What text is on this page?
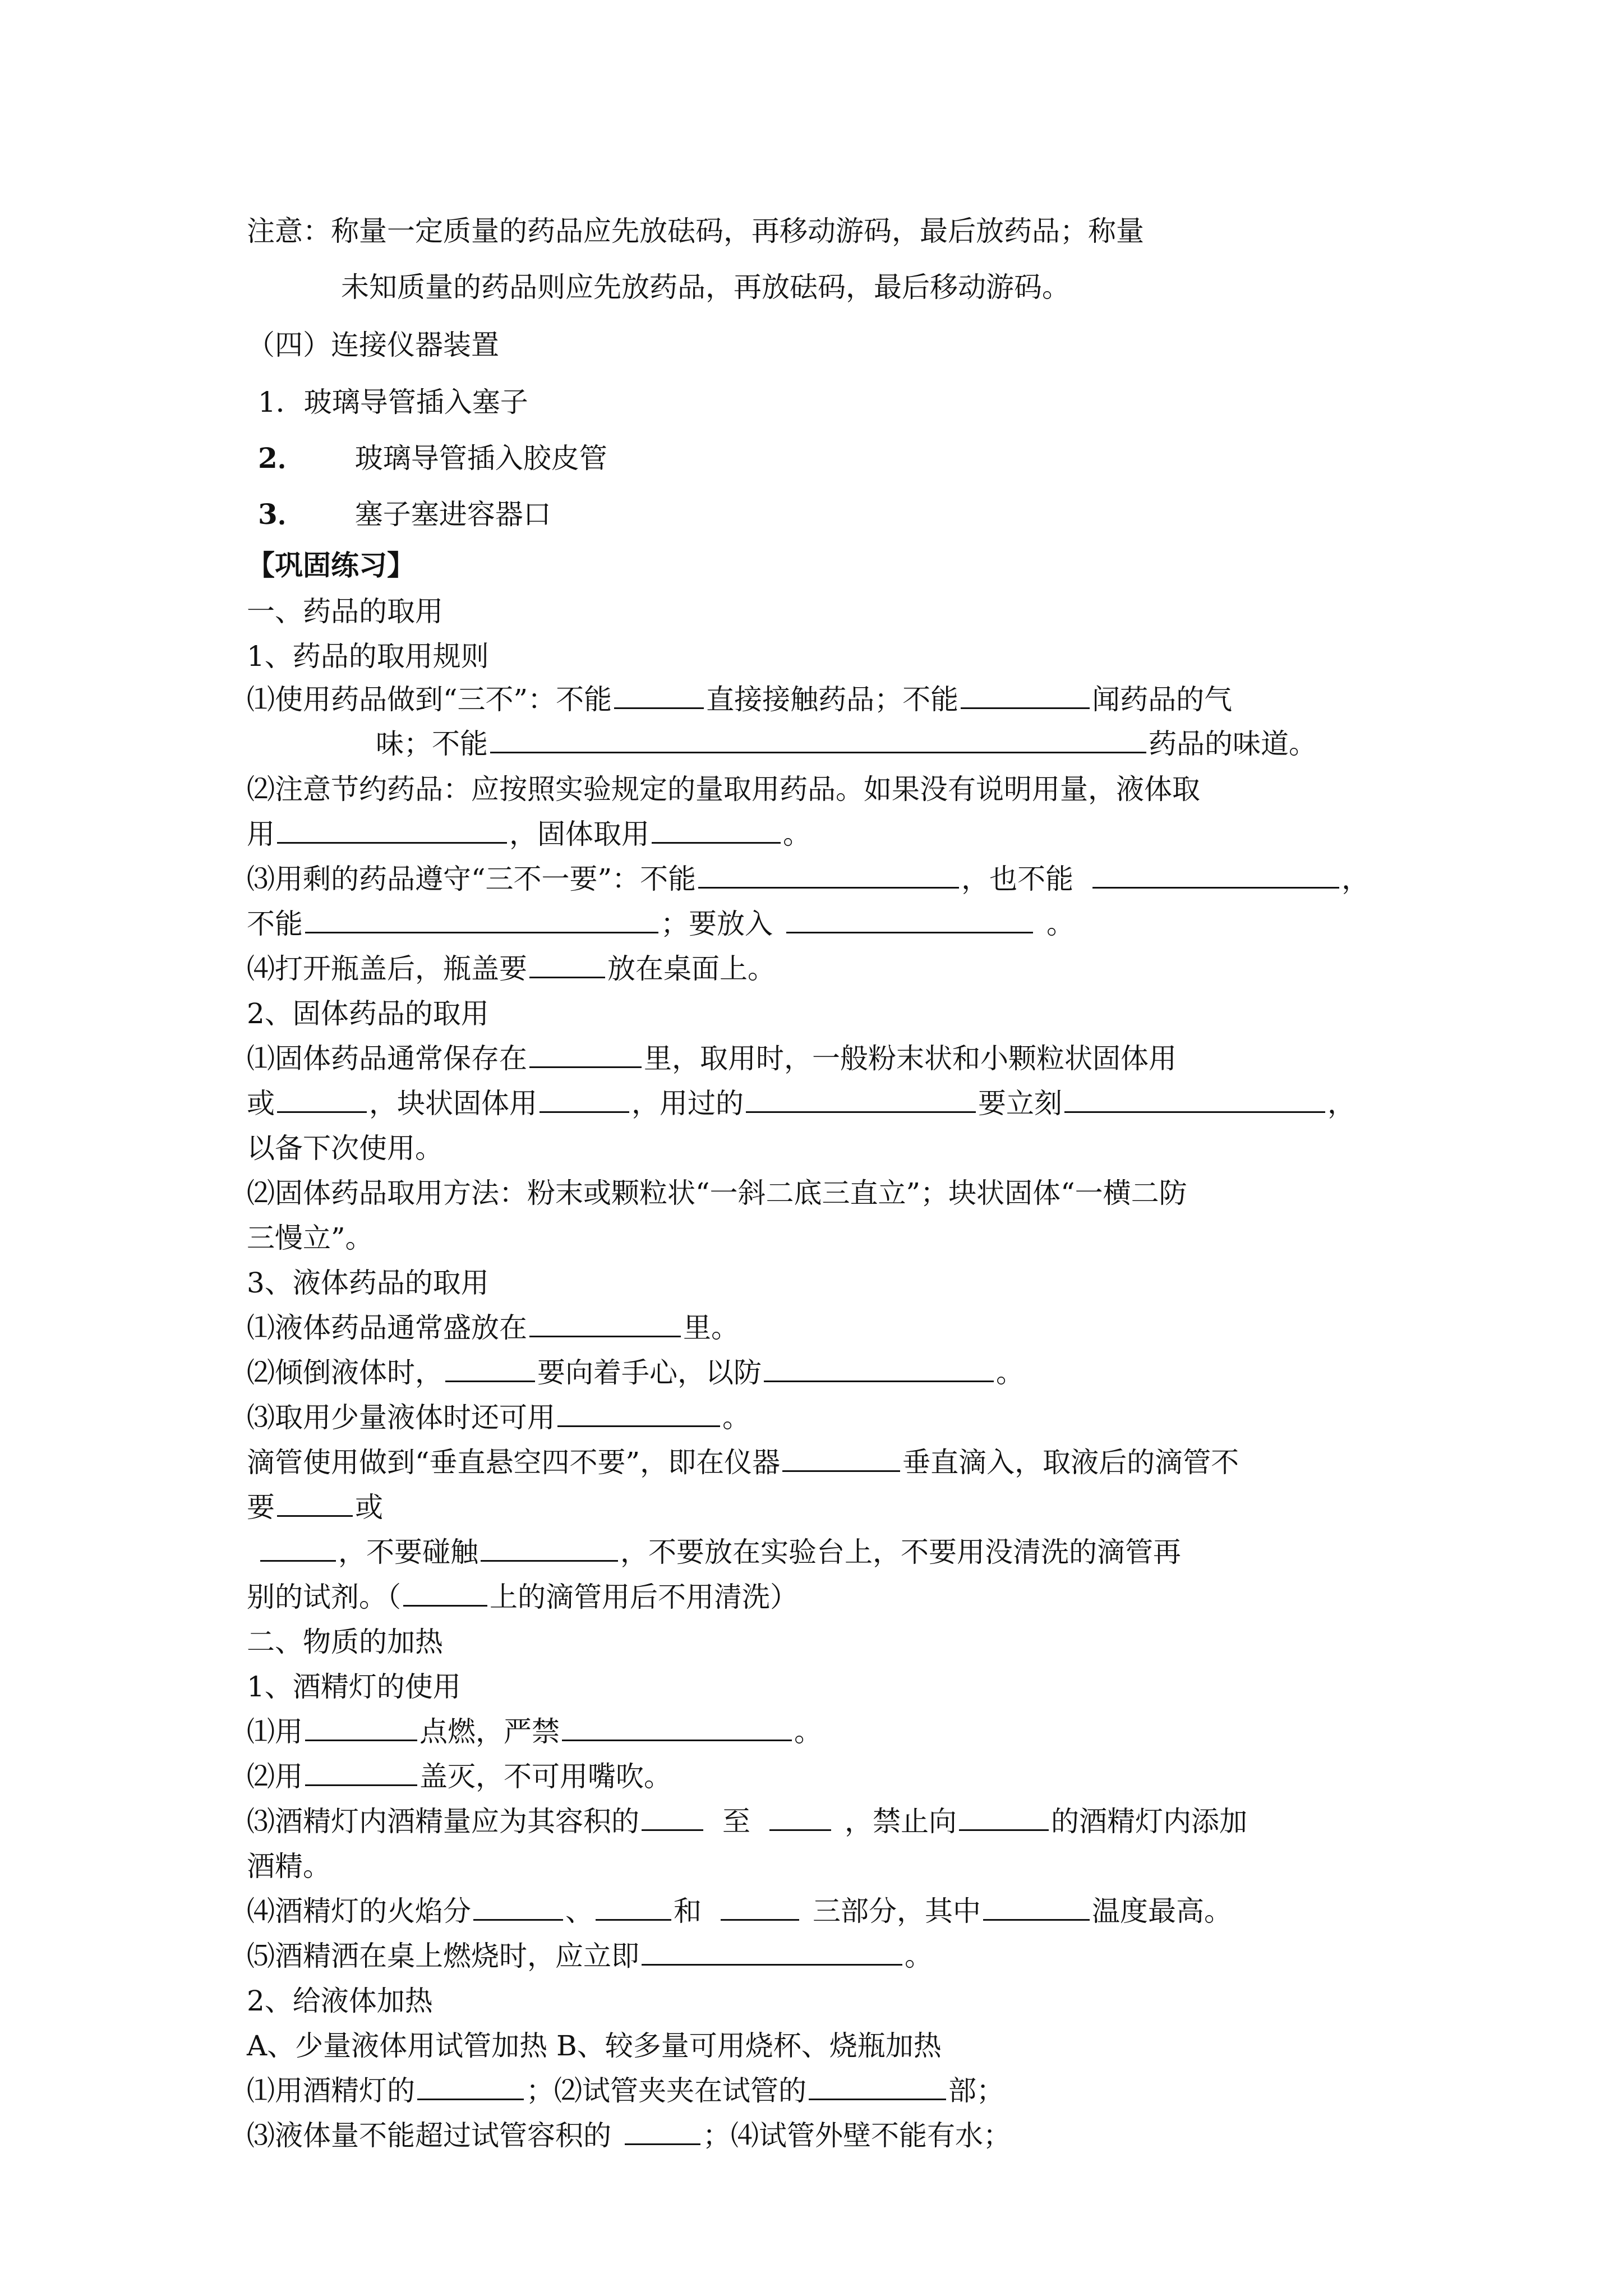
注意：称量一定质量的药品应先放砝码，再移动游码，最后放药品；称量
未知质量的药品则应先放药品，再放砝码，最后移动游码。
（四）连接仪器装置
1．玻璃导管插入塞子
2． 玻璃导管插入胶皮管
3． 塞子塞进容器口
【巩固练习】
一、药品的取用
1、药品的取用规则
⑴使用药品做到“三不”：不能	直接接触药品；不能	闻药品的气
味；不能	药品的味道。
⑵注意节约药品：应按照实验规定的量取用药品。如果没有说明用量，液体取
用	，固体取用	。
⑶用剩的药品遵守“三不一要”：不能	，也不能	，
不能	；要放入	。
⑷打开瓶盖后，瓶盖要	放在桌面上。
2、固体药品的取用
⑴固体药品通常保存在	里，取用时，一般粉末状和小颗粒状固体用
或	，块状固体用	，用过的	要立刻	，
以备下次使用。
⑵固体药品取用方法：粉末或颗粒状“一斜二底三直立”；块状固体“一横二防
三慢立”。
3、液体药品的取用
⑴液体药品通常盛放在	里。
⑵倾倒液体时，	要向着手心，以防	。
⑶取用少量液体时还可用	。
滴管使用做到“垂直悬空四不要”，即在仪器	垂直滴入，取液后的滴管不
要	或
，不要碰触	，不要放在实验台上，不要用没清洗的滴管再
别的试剂。（	上的滴管用后不用清洗）
二、物质的加热
1、酒精灯的使用
⑴用	点燃，严禁	。
⑵用	盖灭，不可用嘴吹。
⑶酒精灯内酒精量应为其容积的	至	，禁止向	的酒精灯内添加
酒精。
⑷酒精灯的火焰分	、	和	三部分，其中	温度最高。
⑸酒精洒在桌上燃烧时，应立即	。
2、给液体加热
A、少量液体用试管加热 B、较多量可用烧杯、烧瓶加热
⑴用酒精灯的	；⑵试管夹夹在试管的	部；
⑶液体量不能超过试管容积的	；⑷试管外壁不能有水；
